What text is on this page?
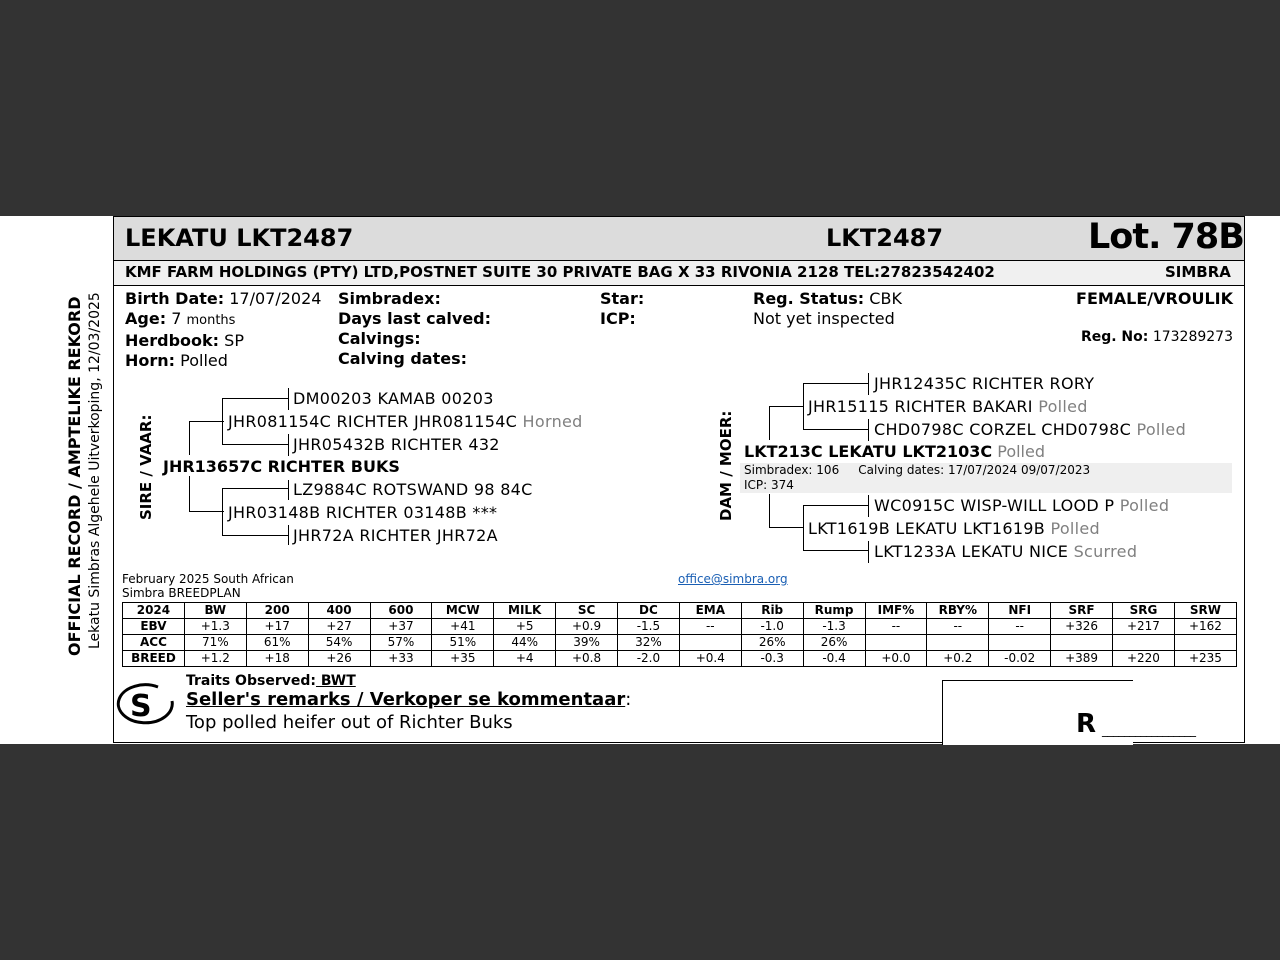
OFFICIAL RECORD / AMPTELIKE REKORD Lekatu Simbras Algehele Uitverkoping, 12/03/2025
LEKATU LKT2487	LKT2487	Lot. 78B
KMF FARM HOLDINGS (PTY) LTD,POSTNET SUITE 30 PRIVATE BAG X 33 RIVONIA 2128 TEL:27823542402	SIMBRA
Birth Date: 17/07/2024
Age: 7 months
Herdbook: SP
Horn: Polled
Simbradex:
Days last calved:
Calvings:
Calving dates:
Star:
ICP:
Reg. Status: CBK
Not yet inspected
FEMALE/VROULIK
Reg. No: 173289273
SIRE / VAAR: JHR13657C RICHTER BUKS
JHR081154C RICHTER JHR081154C Horned
DM00203 KAMAB 00203
JHR05432B RICHTER 432
JHR03148B RICHTER 03148B ***
LZ9884C ROTSWAND 98 84C
JHR72A RICHTER JHR72A
DAM / MOER: LKT213C LEKATU LKT2103C Polled
Simbradex: 106 Calving dates: 17/07/2024 09/07/2023
ICP: 374
JHR15115 RICHTER BAKARI Polled
JHR12435C RICHTER RORY
CHD0798C CORZEL CHD0798C Polled
LKT1619B LEKATU LKT1619B Polled
WC0915C WISP-WILL LOOD P Polled
LKT1233A LEKATU NICE Scurred
February 2025 South African
Simbra BREEDPLAN
office@simbra.org
2024	BW	200	400	600	MCW	MILK	SC	DC	EMA	Rib	Rump	IMF%	RBY%	NFI	SRF	SRG	SRW
EBV	+1.3	+17	+27	+37	+41	+5	+0.9	-1.5	--	-1.0	-1.3	--	--	--	+326	+217	+162
ACC	71%	61%	54%	57%	51%	44%	39%	32%		26%	26%						
BREED	+1.2	+18	+26	+33	+35	+4	+0.8	-2.0	+0.4	-0.3	-0.4	+0.0	+0.2	-0.02	+389	+220	+235
S
Traits Observed: BWT
Seller's remarks / Verkoper se kommentaar:
Top polled heifer out of Richter Buks	R _________________
